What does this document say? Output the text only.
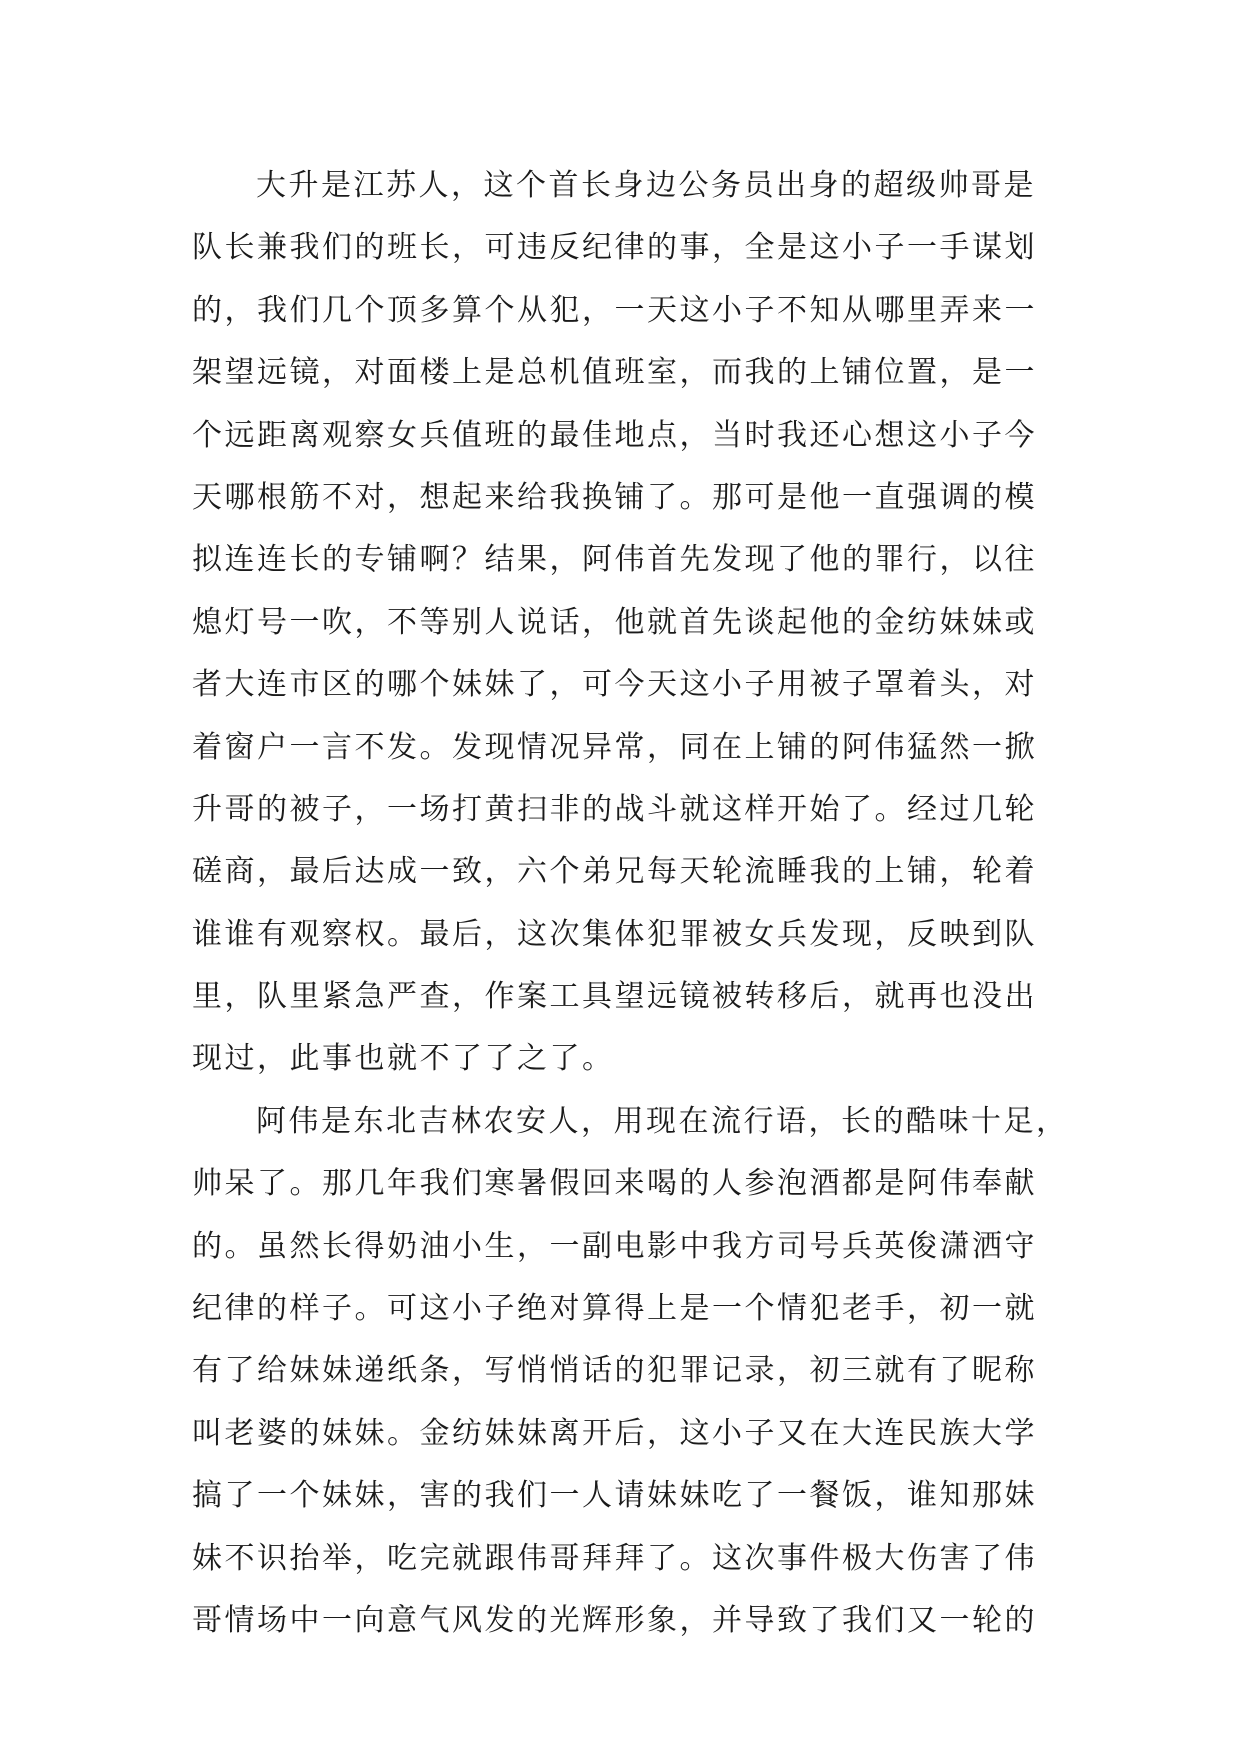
大升是江苏人，这个首长身边公务员出身的超级帅哥是
队长兼我们的班长，可违反纪律的事，全是这小子一手谋划
的，我们几个顶多算个从犯，一天这小子不知从哪里弄来一
架望远镜，对面楼上是总机值班室，而我的上铺位置，是一
个远距离观察女兵值班的最佳地点，当时我还心想这小子今
天哪根筋不对，想起来给我换铺了。那可是他一直强调的模
拟连连长的专铺啊？结果，阿伟首先发现了他的罪行，以往
熄灯号一吹，不等别人说话，他就首先谈起他的金纺妹妹或
者大连市区的哪个妹妹了，可今天这小子用被子罩着头，对
着窗户一言不发。发现情况异常，同在上铺的阿伟猛然一掀
升哥的被子，一场打黄扫非的战斗就这样开始了。经过几轮
磋商，最后达成一致，六个弟兄每天轮流睡我的上铺，轮着
谁谁有观察权。最后，这次集体犯罪被女兵发现，反映到队
里，队里紧急严查，作案工具望远镜被转移后，就再也没出
现过，此事也就不了了之了。
阿伟是东北吉林农安人，用现在流行语，长的酷味十足，
帅呆了。那几年我们寒暑假回来喝的人参泡酒都是阿伟奉献
的。虽然长得奶油小生，一副电影中我方司号兵英俊潇洒守
纪律的样子。可这小子绝对算得上是一个情犯老手，初一就
有了给妹妹递纸条，写悄悄话的犯罪记录，初三就有了昵称
叫老婆的妹妹。金纺妹妹离开后，这小子又在大连民族大学
搞了一个妹妹，害的我们一人请妹妹吃了一餐饭，谁知那妹
妹不识抬举，吃完就跟伟哥拜拜了。这次事件极大伤害了伟
哥情场中一向意气风发的光辉形象，并导致了我们又一轮的
